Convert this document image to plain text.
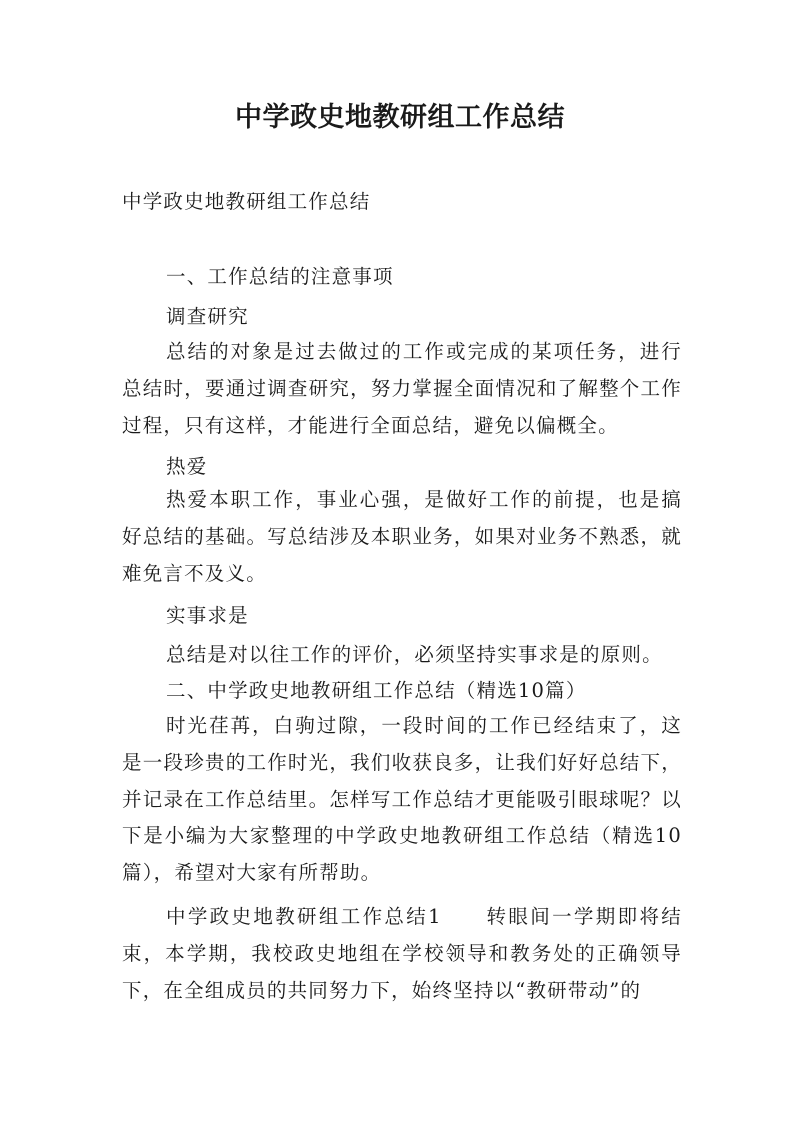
中学政史地教研组工作总结
中学政史地教研组工作总结
一、工作总结的注意事项
调查研究
总结的对象是过去做过的工作或完成的某项任务，进行总结时，要通过调查研究，努力掌握全面情况和了解整个工作过程，只有这样，才能进行全面总结，避免以偏概全。
热爱
热爱本职工作，事业心强，是做好工作的前提，也是搞好总结的基础。写总结涉及本职业务，如果对业务不熟悉，就难免言不及义。
实事求是
总结是对以往工作的评价，必须坚持实事求是的原则。
二、中学政史地教研组工作总结（精选10篇）
时光荏苒，白驹过隙，一段时间的工作已经结束了，这是一段珍贵的工作时光，我们收获良多，让我们好好总结下，并记录在工作总结里。怎样写工作总结才更能吸引眼球呢？以下是小编为大家整理的中学政史地教研组工作总结（精选10篇），希望对大家有所帮助。
中学政史地教研组工作总结1　　转眼间一学期即将结束，本学期，我校政史地组在学校领导和教务处的正确领导下，在全组成员的共同努力下，始终坚持以“教研带动”的
